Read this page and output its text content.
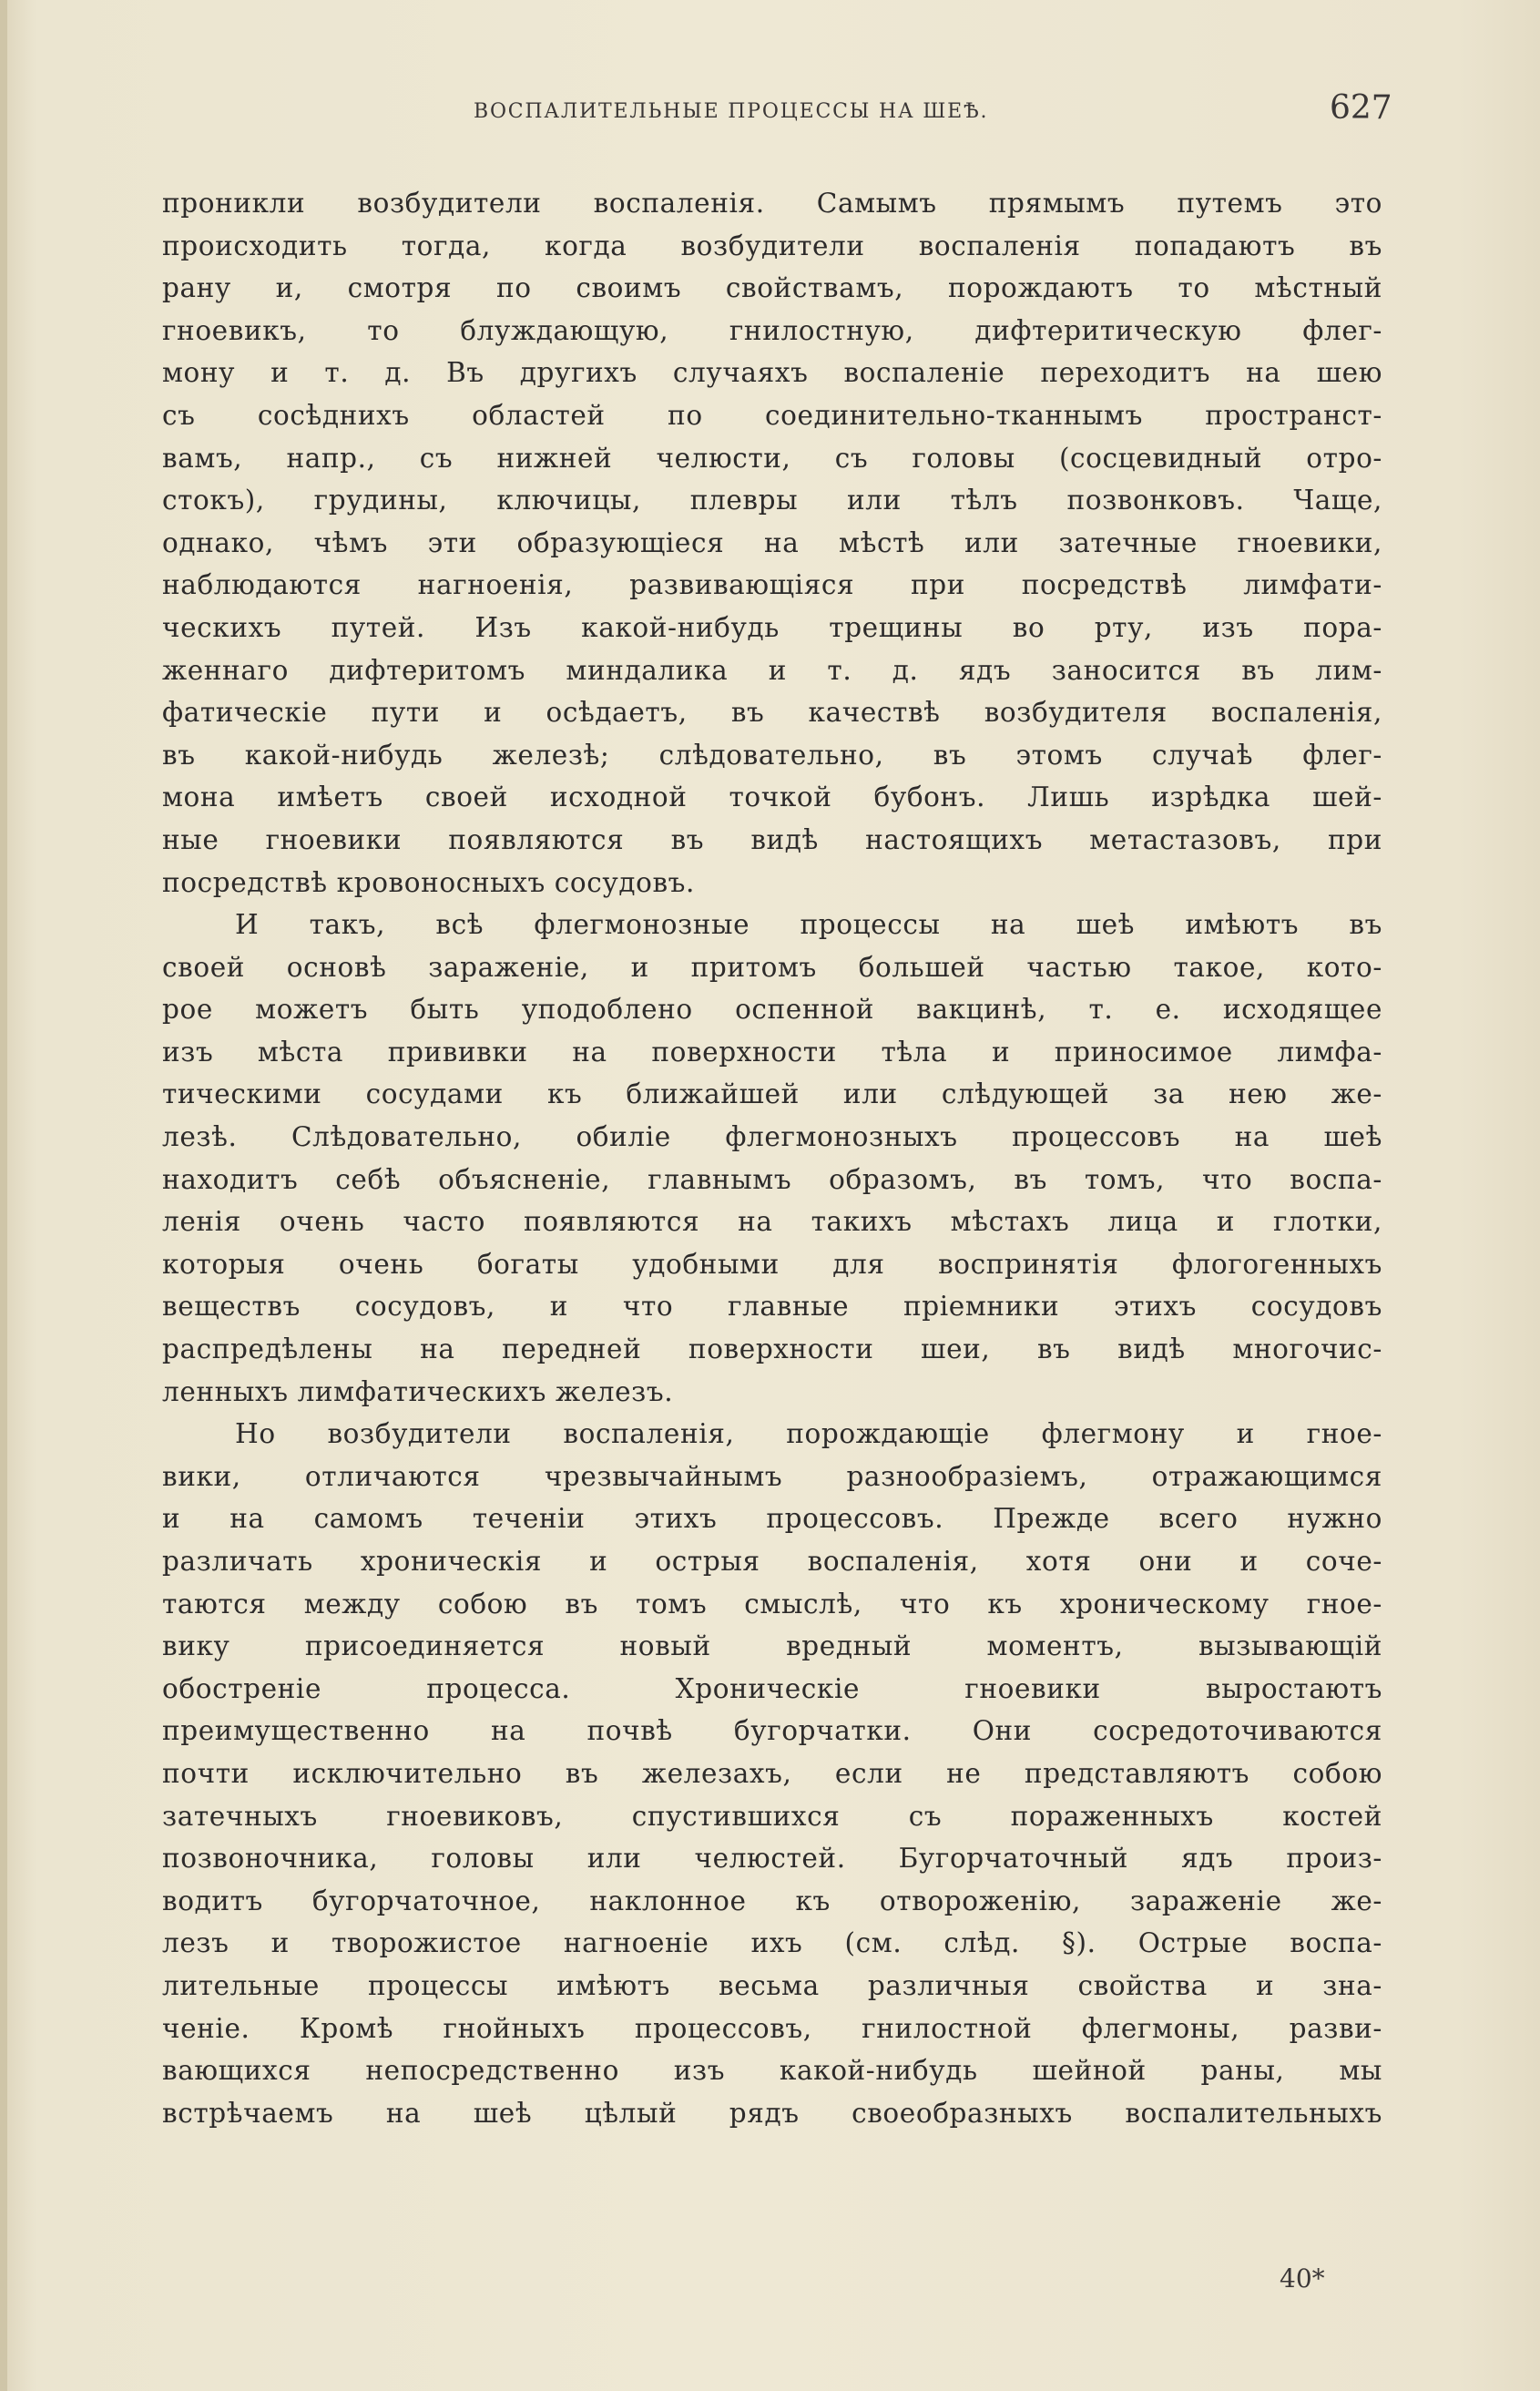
ВОСПАЛИТЕЛЬНЫЕ ПРОЦЕССЫ НА ШЕѢ.	627
проникли возбудители воспаленія. Самымъ прямымъ путемъ это
происходить тогда, когда возбудители воспаленія попадаютъ въ
рану и, смотря по своимъ свойствамъ, порождаютъ то мѣстный
гноевикъ, то блуждающую, гнилостную, дифтеритическую флег-
мону и т. д. Въ другихъ случаяхъ воспаленіе переходитъ на шею
съ сосѣднихъ областей по соединительно-тканнымъ пространст-
вамъ, напр., съ нижней челюсти, съ головы (сосцевидный отро-
стокъ), грудины, ключицы, плевры или тѣлъ позвонковъ. Чаще,
однако, чѣмъ эти образующіеся на мѣстѣ или затечные гноевики,
наблюдаются нагноенія, развивающіяся при посредствѣ лимфати-
ческихъ путей. Изъ какой-нибудь трещины во рту, изъ пора-
женнаго дифтеритомъ миндалика и т. д. ядъ заносится въ лим-
фатическіе пути и осѣдаетъ, въ качествѣ возбудителя воспаленія,
въ какой-нибудь железѣ; слѣдовательно, въ этомъ случаѣ флег-
мона имѣетъ своей исходной точкой бубонъ. Лишь изрѣдка шей-
ные гноевики появляются въ видѣ настоящихъ метастазовъ, при
посредствѣ кровоносныхъ сосудовъ.
И такъ, всѣ флегмонозные процессы на шеѣ имѣютъ въ
своей основѣ зараженіе, и притомъ большей частью такое, кото-
рое можетъ быть уподоблено оспенной вакцинѣ, т. е. исходящее
изъ мѣста прививки на поверхности тѣла и приносимое лимфа-
тическими сосудами къ ближайшей или слѣдующей за нею же-
лезѣ. Слѣдовательно, обиліе флегмонозныхъ процессовъ на шеѣ
находитъ себѣ объясненіе, главнымъ образомъ, въ томъ, что воспа-
ленія очень часто появляются на такихъ мѣстахъ лица и глотки,
которыя очень богаты удобными для воспринятія флогогенныхъ
веществъ сосудовъ, и что главные пріемники этихъ сосудовъ
распредѣлены на передней поверхности шеи, въ видѣ многочис-
ленныхъ лимфатическихъ железъ.
Но возбудители воспаленія, порождающіе флегмону и гное-
вики, отличаются чрезвычайнымъ разнообразіемъ, отражающимся
и на самомъ теченіи этихъ процессовъ. Прежде всего нужно
различать хроническія и острыя воспаленія, хотя они и соче-
таются между собою въ томъ смыслѣ, что къ хроническому гное-
вику присоединяется новый вредный моментъ, вызывающій
обостреніе процесса. Хроническіе гноевики выростаютъ
преимущественно на почвѣ бугорчатки. Они сосредоточиваются
почти исключительно въ железахъ, если не представляютъ собою
затечныхъ гноевиковъ, спустившихся съ пораженныхъ костей
позвоночника, головы или челюстей. Бугорчаточный ядъ произ-
водитъ бугорчаточное, наклонное къ отвороженію, зараженіе же-
лезъ и творожистое нагноеніе ихъ (см. слѣд. §). Острые воспа-
лительные процессы имѣютъ весьма различныя свойства и зна-
ченіе. Кромѣ гнойныхъ процессовъ, гнилостной флегмоны, разви-
вающихся непосредственно изъ какой-нибудь шейной раны, мы
встрѣчаемъ на шеѣ цѣлый рядъ своеобразныхъ воспалительныхъ
40*
